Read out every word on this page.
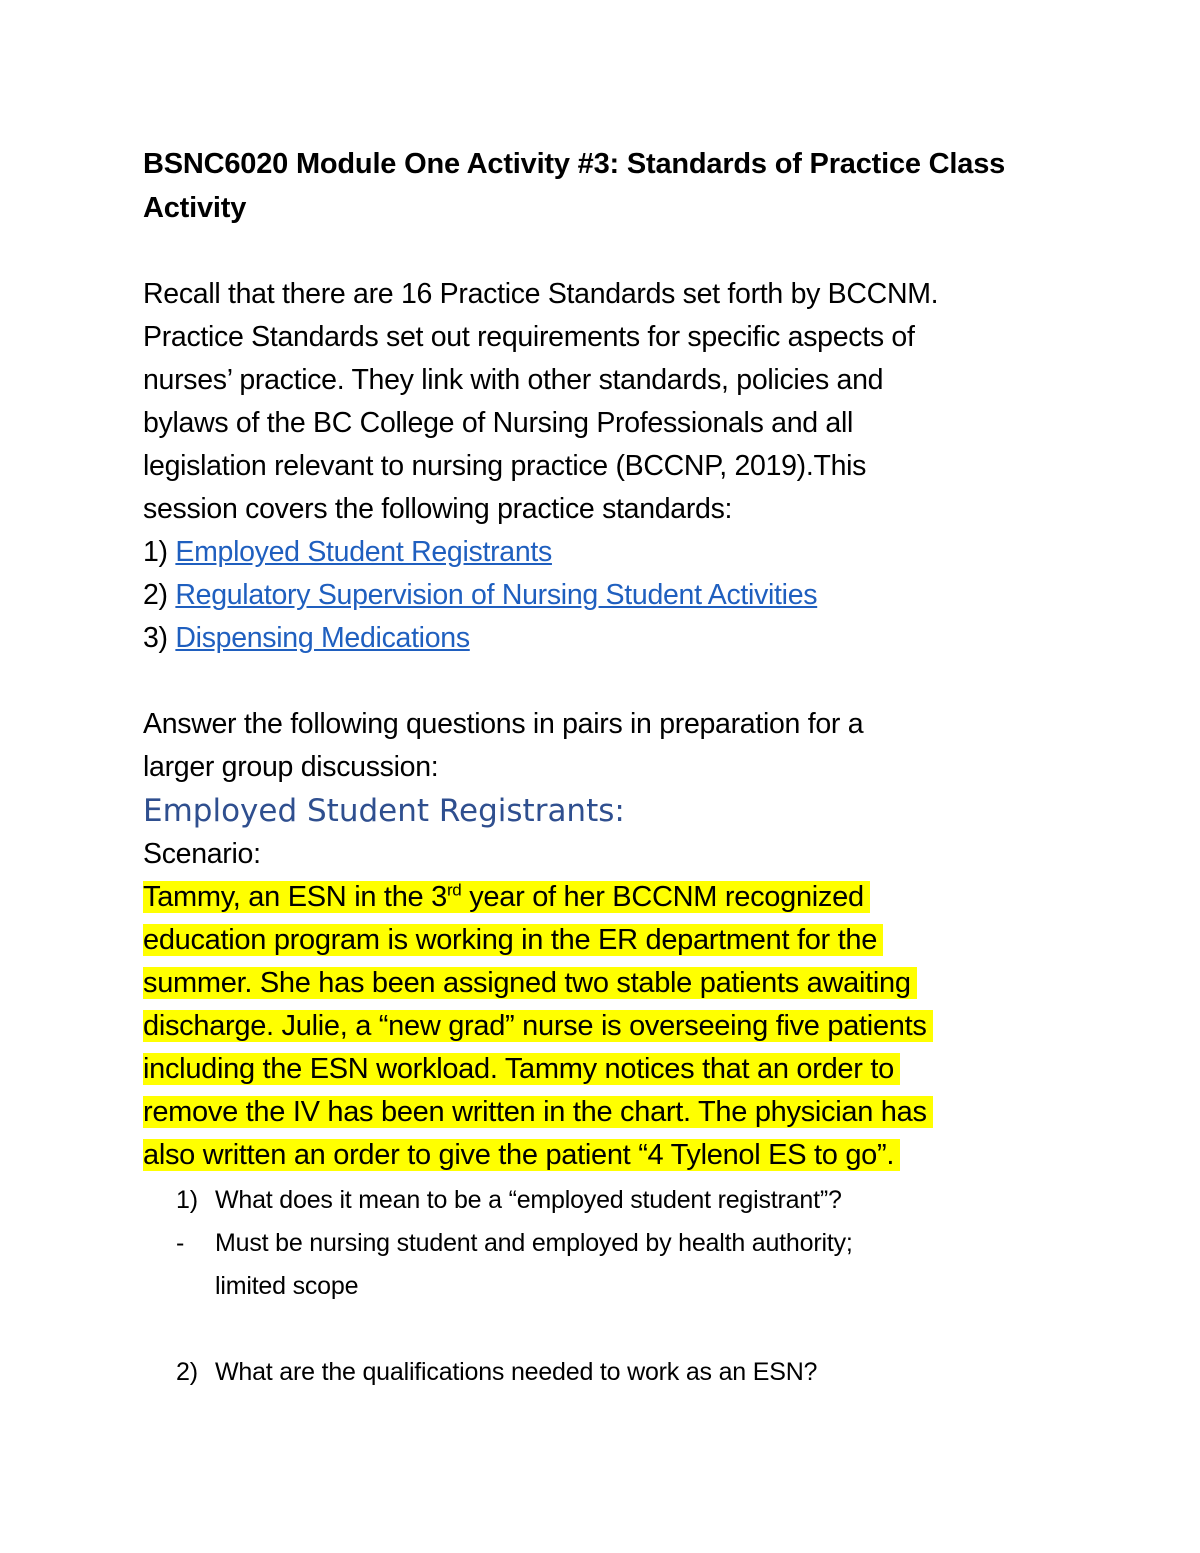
BSNC6020 Module One Activity #3: Standards of Practice Class
Activity

Recall that there are 16 Practice Standards set forth by BCCNM.
Practice Standards set out requirements for specific aspects of
nurses’ practice. They link with other standards, policies and
bylaws of the BC College of Nursing Professionals and all
legislation relevant to nursing practice (BCCNP, 2019).This
session covers the following practice standards:
1) Employed Student Registrants
2) Regulatory Supervision of Nursing Student Activities
3) Dispensing Medications
Answer the following questions in pairs in preparation for a
larger group discussion:
Employed Student Registrants:

Scenario:

Tammy, an ESN in the 3rd year of her BCCNM recognized
education program is working in the ER department for the
summer. She has been assigned two stable patients awaiting
discharge. Julie, a “new grad” nurse is overseeing five patients
including the ESN workload. Tammy notices that an order to
remove the IV has been written in the chart. The physician has
also written an order to give the patient “4 Tylenol ES to go”.

1) What does it mean to be a “employed student registrant”?
-	Must be nursing student and employed by health authority;
limited scope
2) What are the qualifications needed to work as an ESN?
